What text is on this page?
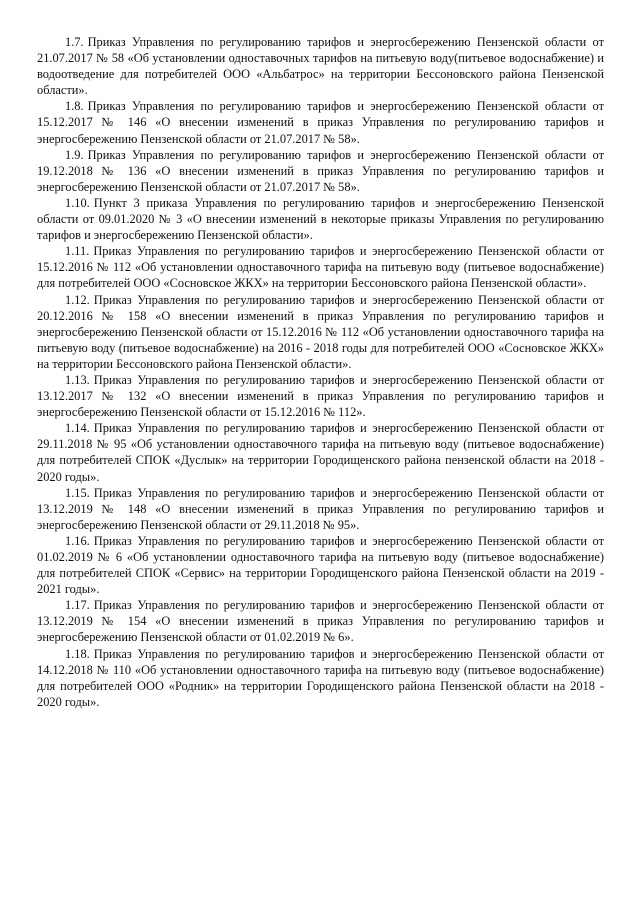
1.7. Приказ Управления по регулированию тарифов и энергосбережению Пензенской области от 21.07.2017 № 58 «Об установлении одноставочных тарифов на питьевую воду(питьевое водоснабжение) и водоотведение для потребителей ООО «Альбатрос» на территории Бессоновского района Пензенской области».

1.8. Приказ Управления по регулированию тарифов и энергосбережению Пензенской области от 15.12.2017 № 146 «О внесении изменений в приказ Управления по регулированию тарифов и энергосбережению Пензенской области от 21.07.2017 № 58».

1.9. Приказ Управления по регулированию тарифов и энергосбережению Пензенской области от 19.12.2018 № 136 «О внесении изменений в приказ Управления по регулированию тарифов и энергосбережению Пензенской области от 21.07.2017 № 58».

1.10. Пункт 3 приказа Управления по регулированию тарифов и энергосбережению Пензенской области от 09.01.2020 № 3 «О внесении изменений в некоторые приказы Управления по регулированию тарифов и энергосбережению Пензенской области».

1.11. Приказ Управления по регулированию тарифов и энергосбережению Пензенской области от 15.12.2016 № 112 «Об установлении одноставочного тарифа на питьевую воду (питьевое водоснабжение) для потребителей ООО «Сосновское ЖКХ» на территории Бессоновского района Пензенской области».

1.12. Приказ Управления по регулированию тарифов и энергосбережению Пензенской области от 20.12.2016 № 158 «О внесении изменений в приказ Управления по регулированию тарифов и энергосбережению Пензенской области от 15.12.2016 № 112 «Об установлении одноставочного тарифа на питьевую воду (питьевое водоснабжение) на 2016 - 2018 годы для потребителей ООО «Сосновское ЖКХ» на территории Бессоновского района Пензенской области».

1.13. Приказ Управления по регулированию тарифов и энергосбережению Пензенской области от 13.12.2017 № 132 «О внесении изменений в приказ Управления по регулированию тарифов и энергосбережению Пензенской области от 15.12.2016 № 112».

1.14. Приказ Управления по регулированию тарифов и энергосбережению Пензенской области от 29.11.2018 № 95 «Об установлении одноставочного тарифа на питьевую воду (питьевое водоснабжение) для потребителей СПОК «Дуслык» на территории Городищенского района пензенской области на 2018 - 2020 годы».

1.15. Приказ Управления по регулированию тарифов и энергосбережению Пензенской области от 13.12.2019 № 148 «О внесении изменений в приказ Управления по регулированию тарифов и энергосбережению Пензенской области от 29.11.2018 № 95».

1.16. Приказ Управления по регулированию тарифов и энергосбережению Пензенской области от 01.02.2019 № 6 «Об установлении одноставочного тарифа на питьевую воду (питьевое водоснабжение) для потребителей СПОК «Сервис» на территории Городищенского района Пензенской области на 2019 - 2021 годы».

1.17. Приказ Управления по регулированию тарифов и энергосбережению Пензенской области от 13.12.2019 № 154 «О внесении изменений в приказ Управления по регулированию тарифов и энергосбережению Пензенской области от 01.02.2019 № 6».

1.18. Приказ Управления по регулированию тарифов и энергосбережению Пензенской области от 14.12.2018 № 110 «Об установлении одноставочного тарифа на питьевую воду (питьевое водоснабжение) для потребителей ООО «Родник» на территории Городищенского района Пензенской области на 2018 - 2020 годы».
